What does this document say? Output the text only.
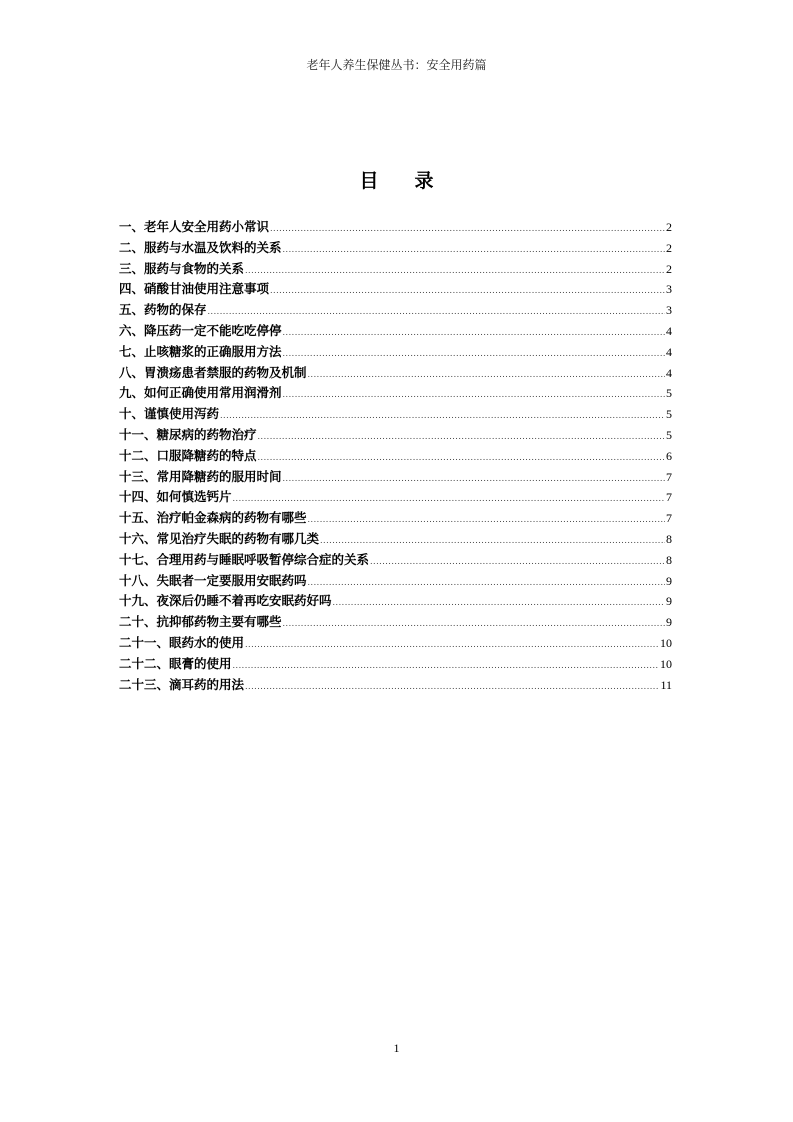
老年人养生保健丛书：安全用药篇
目 录
一、老年人安全用药小常识 .....	2
二、服药与水温及饮料的关系 .....	2
三、服药与食物的关系 .....	2
四、硝酸甘油使用注意事项 .....	3
五、药物的保存 .....	3
六、降压药一定不能吃吃停停 .....	4
七、止咳糖浆的正确服用方法 .....	4
八、胃溃疡患者禁服的药物及机制 .....	4
九、如何正确使用常用润滑剂 .....	5
十、谨慎使用泻药 .....	5
十一、糖尿病的药物治疗 .....	5
十二、口服降糖药的特点 .....	6
十三、常用降糖药的服用时间 .....	7
十四、如何慎选钙片 .....	7
十五、治疗帕金森病的药物有哪些 .....	7
十六、常见治疗失眠的药物有哪几类 .....	8
十七、合理用药与睡眠呼吸暂停综合症的关系 .....	8
十八、失眠者一定要服用安眠药吗 .....	9
十九、夜深后仍睡不着再吃安眠药好吗 .....	9
二十、抗抑郁药物主要有哪些 .....	9
二十一、眼药水的使用 .....	10
二十二、眼膏的使用 .....	10
二十三、滴耳药的用法 .....	11
1
